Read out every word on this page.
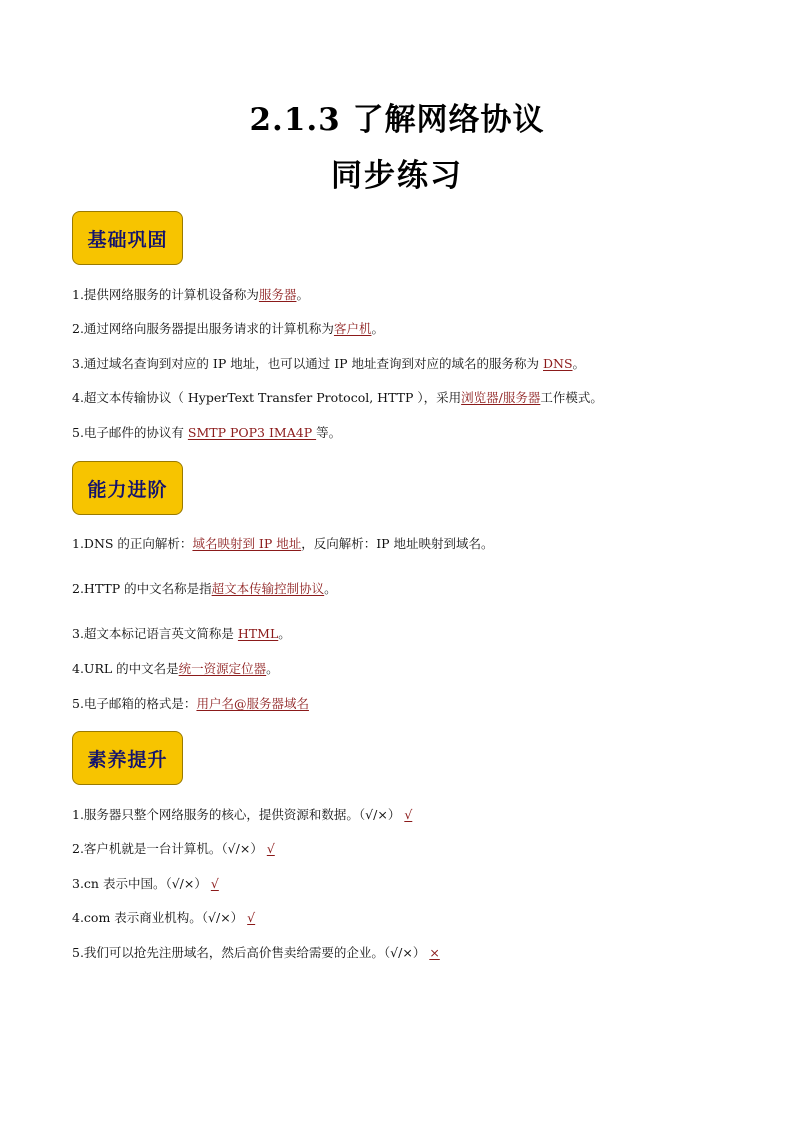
2.1.3 了解网络协议
同步练习
基础巩固
1.提供网络服务的计算机设备称为服务器。
2.通过网络向服务器提出服务请求的计算机称为客户机。
3.通过域名查询到对应的 IP 地址，也可以通过 IP 地址查询到对应的域名的服务称为 DNS。
4.超文本传输协议（ HyperText Transfer Protocol, HTTP ），采用浏览器/服务器工作模式。
5.电子邮件的协议有 SMTP POP3 IMA4P 等。
能力进阶
1.DNS 的正向解析：域名映射到 IP 地址，反向解析：IP 地址映射到域名。
2.HTTP 的中文名称是指超文本传输控制协议。
3.超文本标记语言英文简称是 HTML。
4.URL 的中文名是统一资源定位器。
5.电子邮箱的格式是：用户名@服务器域名
素养提升
1.服务器只整个网络服务的核心，提供资源和数据。（√/×） √
2.客户机就是一台计算机。（√/×） √
3.cn 表示中国。（√/×） √
4.com 表示商业机构。（√/×） √
5.我们可以抢先注册域名，然后高价售卖给需要的企业。（√/×） ×
